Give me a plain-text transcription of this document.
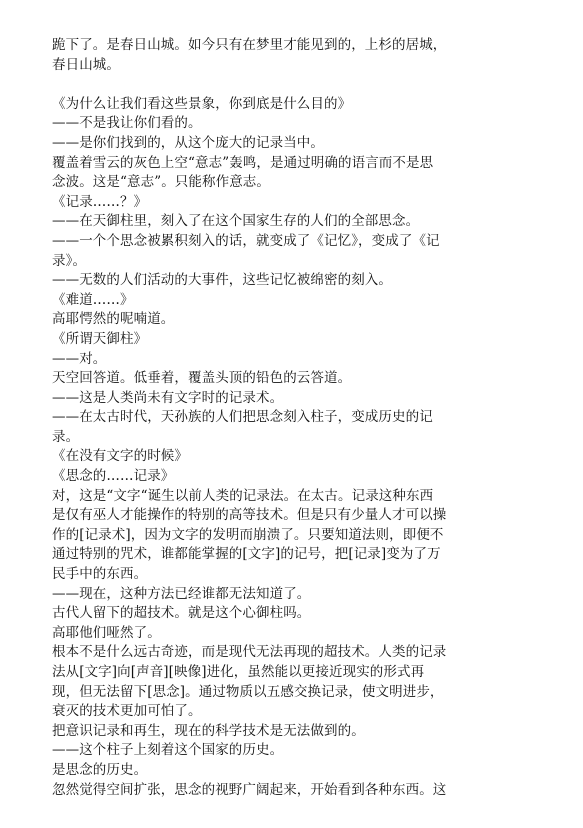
跪下了。是春日山城。如今只有在梦里才能见到的，上杉的居城，
春日山城。
《为什么让我们看这些景象，你到底是什么目的》
——不是我让你们看的。
——是你们找到的，从这个庞大的记录当中。
覆盖着雪云的灰色上空“意志”轰鸣，是通过明确的语言而不是思
念波。这是“意志”。只能称作意志。
《记录……？》
——在天御柱里，刻入了在这个国家生存的人们的全部思念。
——一个个思念被累积刻入的话，就变成了《记忆》，变成了《记
录》。
——无数的人们活动的大事件，这些记忆被绵密的刻入。
《难道……》
高耶愕然的呢喃道。
《所谓天御柱》
——对。
天空回答道。低垂着，覆盖头顶的铅色的云答道。
——这是人类尚未有文字时的记录术。
——在太古时代，天孙族的人们把思念刻入柱子，变成历史的记
录。
《在没有文字的时候》
《思念的……记录》
对，这是“文字“诞生以前人类的记录法。在太古。记录这种东西
是仅有巫人才能操作的特别的高等技术。但是只有少量人才可以操
作的[记录术]，因为文字的发明而崩溃了。只要知道法则，即便不
通过特别的咒术，谁都能掌握的[文字]的记号，把[记录]变为了万
民手中的东西。
——现在，这种方法已经谁都无法知道了。
古代人留下的超技术。就是这个心御柱吗。
高耶他们哑然了。
根本不是什么远古奇迹，而是现代无法再现的超技术。人类的记录
法从[文字]向[声音][映像]进化，虽然能以更接近现实的形式再
现，但无法留下[思念]。通过物质以五感交换记录，使文明进步，
衰灭的技术更加可怕了。
把意识记录和再生，现在的科学技术是无法做到的。
——这个柱子上刻着这个国家的历史。
是思念的历史。
忽然觉得空间扩张，思念的视野广阔起来，开始看到各种东西。这
